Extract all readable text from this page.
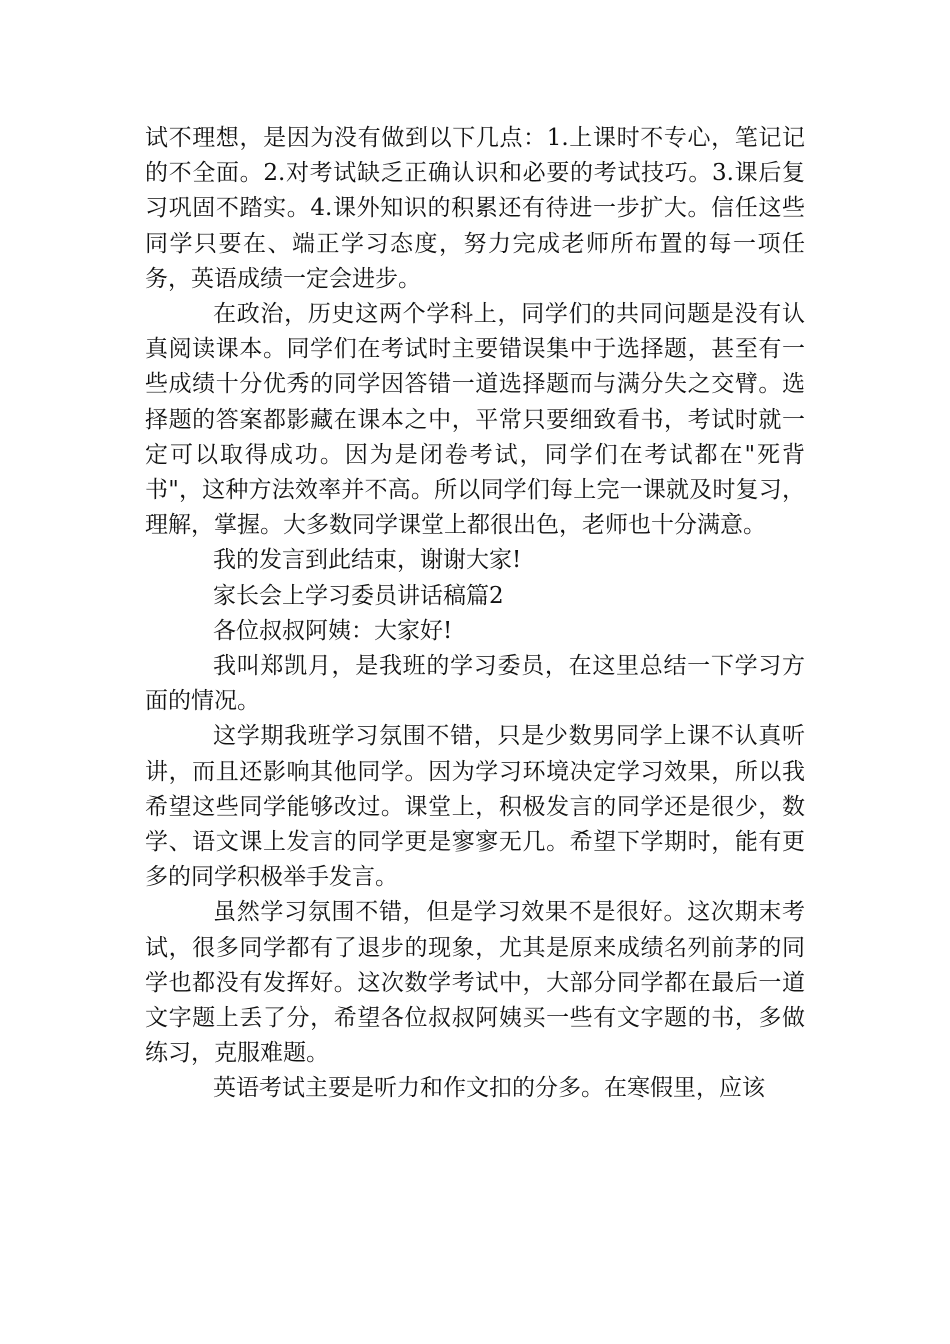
试不理想，是因为没有做到以下几点：1.上课时不专心，笔记记的不全面。2.对考试缺乏正确认识和必要的考试技巧。3.课后复习巩固不踏实。4.课外知识的积累还有待进一步扩大。信任这些同学只要在、端正学习态度，努力完成老师所布置的每一项任务，英语成绩一定会进步。

在政治，历史这两个学科上，同学们的共同问题是没有认真阅读课本。同学们在考试时主要错误集中于选择题，甚至有一些成绩十分优秀的同学因答错一道选择题而与满分失之交臂。选择题的答案都影藏在课本之中，平常只要细致看书，考试时就一定可以取得成功。因为是闭卷考试，同学们在考试都在"死背书"，这种方法效率并不高。所以同学们每上完一课就及时复习，理解，掌握。大多数同学课堂上都很出色，老师也十分满意。

我的发言到此结束，谢谢大家!

家长会上学习委员讲话稿篇2

各位叔叔阿姨：大家好!

我叫郑凯月，是我班的学习委员，在这里总结一下学习方面的情况。

这学期我班学习氛围不错，只是少数男同学上课不认真听讲，而且还影响其他同学。因为学习环境决定学习效果，所以我希望这些同学能够改过。课堂上，积极发言的同学还是很少，数学、语文课上发言的同学更是寥寥无几。希望下学期时，能有更多的同学积极举手发言。

虽然学习氛围不错，但是学习效果不是很好。这次期末考试，很多同学都有了退步的现象，尤其是原来成绩名列前茅的同学也都没有发挥好。这次数学考试中，大部分同学都在最后一道文字题上丢了分，希望各位叔叔阿姨买一些有文字题的书，多做练习，克服难题。

英语考试主要是听力和作文扣的分多。在寒假里，应该
